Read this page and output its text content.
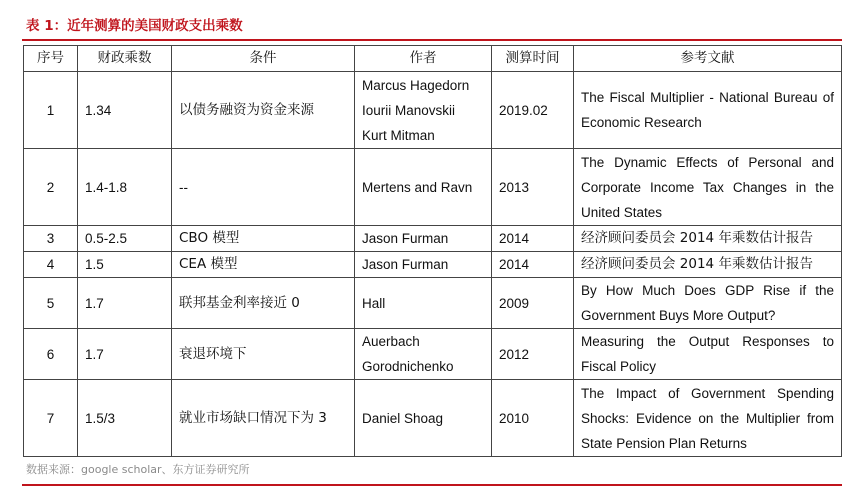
表 1：近年测算的美国财政支出乘数
序号	财政乘数	条件	作者	测算时间	参考文献
1	1.34	以债务融资为资金来源	Marcus Hagedorn
Iourii Manovskii
Kurt Mitman	2019.02	The Fiscal Multiplier - National Bureau of Economic Research
2	1.4-1.8	--	Mertens and Ravn	2013	The Dynamic Effects of Personal and Corporate Income Tax Changes in the United States
3	0.5-2.5	CBO 模型	Jason Furman	2014	经济顾问委员会 2014 年乘数估计报告
4	1.5	CEA 模型	Jason Furman	2014	经济顾问委员会 2014 年乘数估计报告
5	1.7	联邦基金利率接近 0	Hall	2009	By How Much Does GDP Rise if the Government Buys More Output?
6	1.7	衰退环境下	Auerbach
Gorodnichenko	2012	Measuring the Output Responses to Fiscal Policy
7	1.5/3	就业市场缺口情况下为 3	Daniel Shoag	2010	The Impact of Government Spending Shocks: Evidence on the Multiplier from State Pension Plan Returns
数据来源：google scholar、东方证券研究所
